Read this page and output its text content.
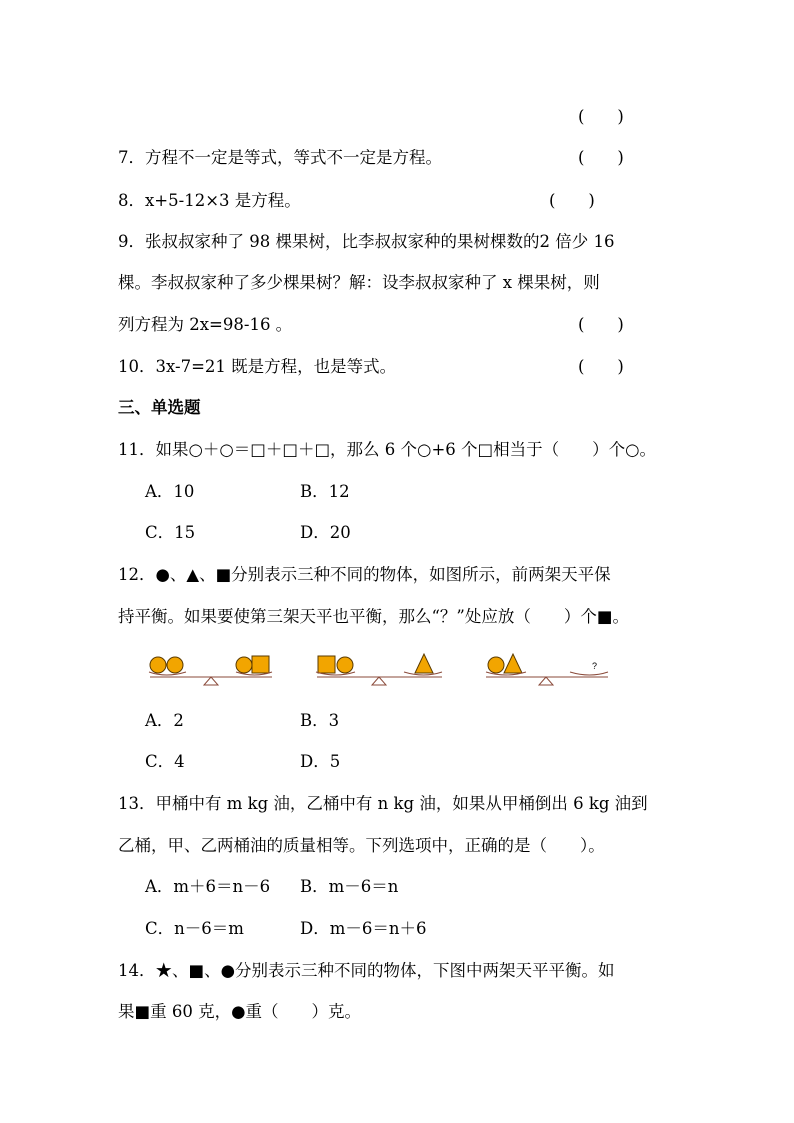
(　　)
7．方程不一定是等式，等式不一定是方程。	(　　)
8．x+5-12×3 是方程。	(　　)
9．张叔叔家种了 98 棵果树，比李叔叔家种的果树棵数的2 倍少 16
棵。李叔叔家种了多少棵果树？解：设李叔叔家种了 x 棵果树，则
列方程为 2x=98-16 。	(　　)
10．3x-7=21 既是方程，也是等式。	(　　)
三、单选题
11．如果○＋○＝□＋□＋□，那么 6 个○+6 个□相当于（　　）个○。
A．10	B．12
C．15	D．20
12．●、▲、■分别表示三种不同的物体，如图所示，前两架天平保
持平衡。如果要使第三架天平也平衡，那么“？”处应放（　　）个■。
?
A．2	B．3
C．4	D．5
13．甲桶中有 m kg 油，乙桶中有 n kg 油，如果从甲桶倒出 6 kg 油到
乙桶，甲、乙两桶油的质量相等。下列选项中，正确的是（　　）。
A．m＋6＝n－6 B．m－6＝n
C．n－6＝m	D．m－6＝n＋6
14．★、■、●分别表示三种不同的物体，下图中两架天平平衡。如
果■重 60 克，●重（　　）克。
